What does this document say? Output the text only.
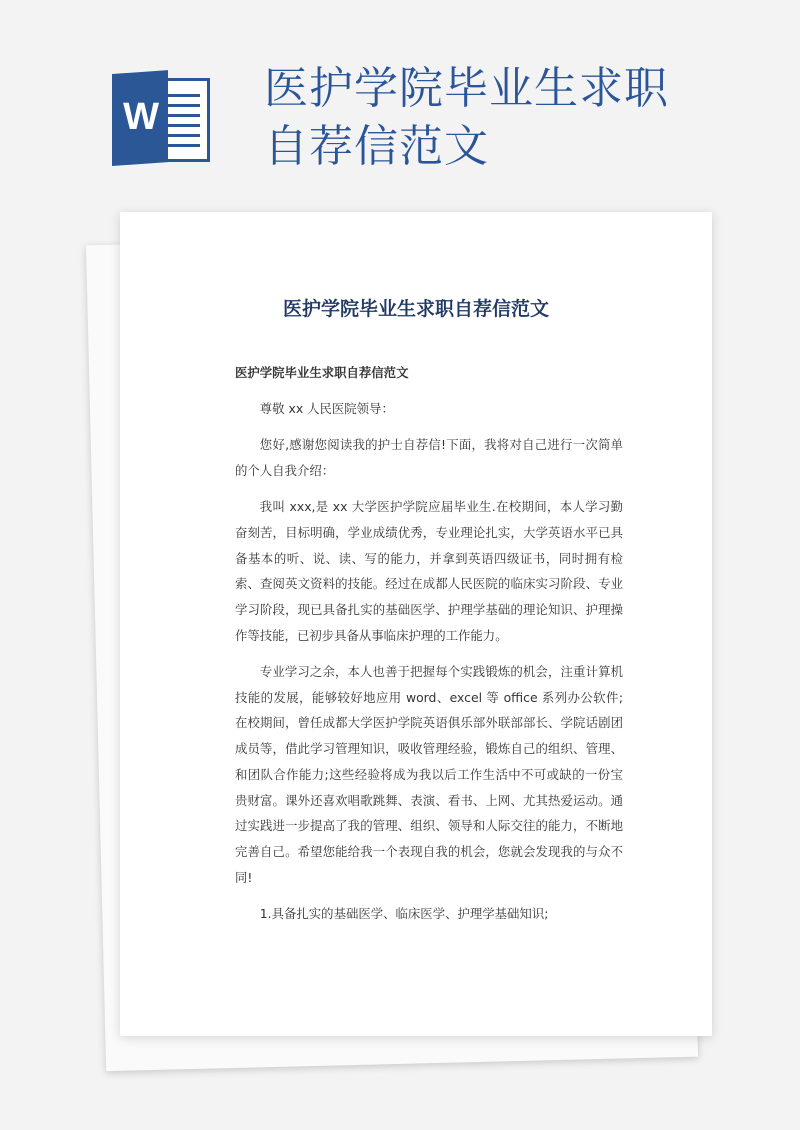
W
医护学院毕业生求职自荐信范文
医护学院毕业生求职自荐信范文

医护学院毕业生求职自荐信范文

尊敬 xx 人民医院领导：

您好,感谢您阅读我的护士自荐信!下面，我将对自己进行一次简单的个人自我介绍：

我叫 xxx,是 xx 大学医护学院应届毕业生.在校期间，本人学习勤奋刻苦，目标明确，学业成绩优秀，专业理论扎实，大学英语水平已具备基本的听、说、读、写的能力，并拿到英语四级证书，同时拥有检索、查阅英文资料的技能。经过在成都人民医院的临床实习阶段、专业学习阶段，现已具备扎实的基础医学、护理学基础的理论知识、护理操作等技能，已初步具备从事临床护理的工作能力。

专业学习之余，本人也善于把握每个实践锻炼的机会，注重计算机技能的发展，能够较好地应用 word、excel 等 office 系列办公软件;在校期间，曾任成都大学医护学院英语俱乐部外联部部长、学院话剧团成员等，借此学习管理知识，吸收管理经验，锻炼自己的组织、管理、和团队合作能力;这些经验将成为我以后工作生活中不可或缺的一份宝贵财富。课外还喜欢唱歌跳舞、表演、看书、上网、尤其热爱运动。通过实践进一步提高了我的管理、组织、领导和人际交往的能力，不断地完善自己。希望您能给我一个表现自我的机会，您就会发现我的与众不同!

1.具备扎实的基础医学、临床医学、护理学基础知识;
